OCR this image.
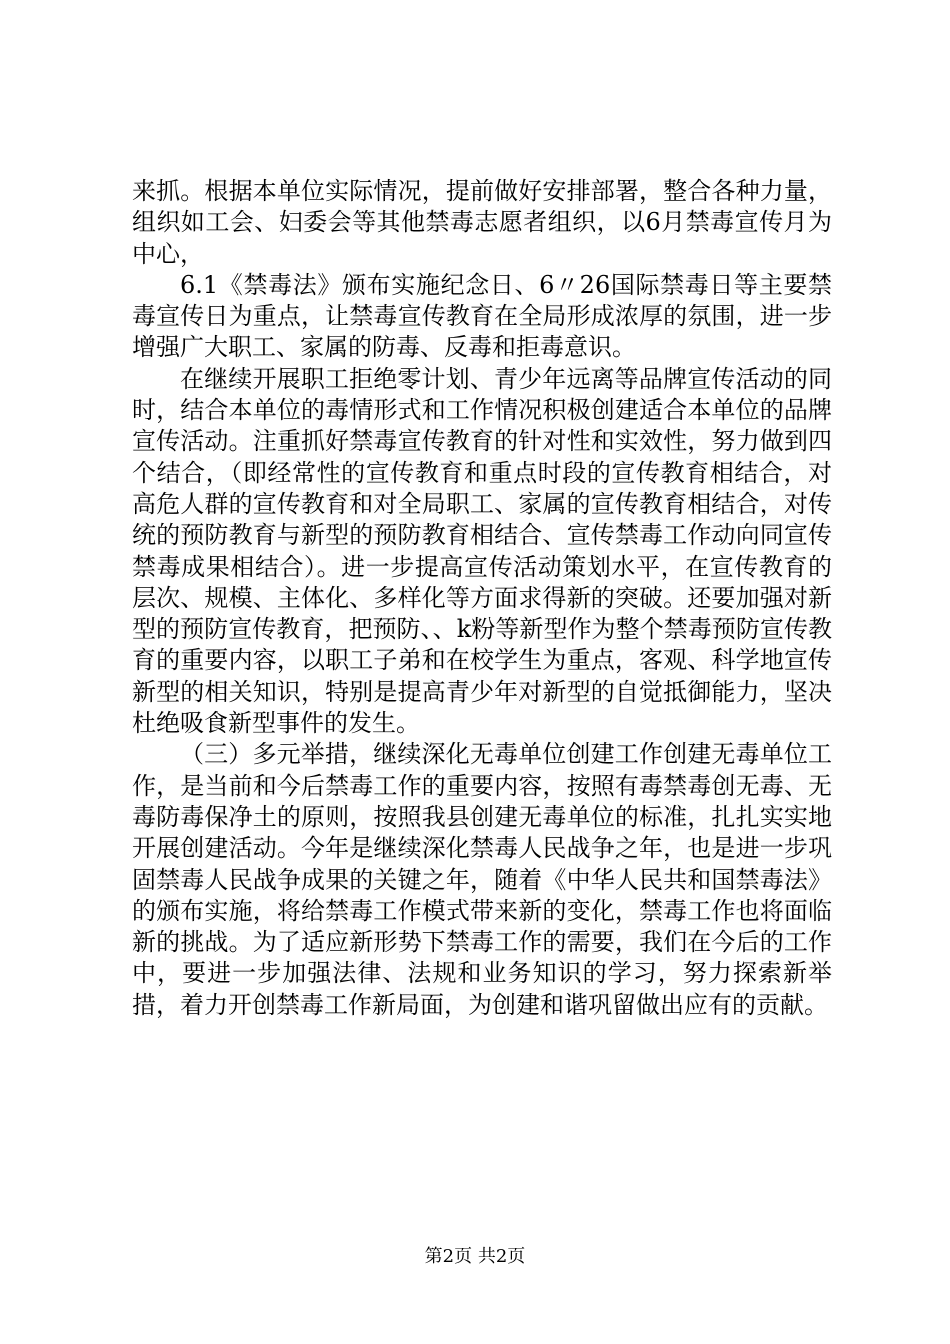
来抓。根据本单位实际情况，提前做好安排部署，整合各种力量，组织如工会、妇委会等其他禁毒志愿者组织，以6月禁毒宣传月为中心，

6.1《禁毒法》颁布实施纪念日、6〃26国际禁毒日等主要禁毒宣传日为重点，让禁毒宣传教育在全局形成浓厚的氛围，进一步增强广大职工、家属的防毒、反毒和拒毒意识。

在继续开展职工拒绝零计划、青少年远离等品牌宣传活动的同时，结合本单位的毒情形式和工作情况积极创建适合本单位的品牌宣传活动。注重抓好禁毒宣传教育的针对性和实效性，努力做到四个结合，（即经常性的宣传教育和重点时段的宣传教育相结合，对高危人群的宣传教育和对全局职工、家属的宣传教育相结合，对传统的预防教育与新型的预防教育相结合、宣传禁毒工作动向同宣传禁毒成果相结合）。进一步提高宣传活动策划水平，在宣传教育的层次、规模、主体化、多样化等方面求得新的突破。还要加强对新型的预防宣传教育，把预防、、k粉等新型作为整个禁毒预防宣传教育的重要内容，以职工子弟和在校学生为重点，客观、科学地宣传新型的相关知识，特别是提高青少年对新型的自觉抵御能力，坚决杜绝吸食新型事件的发生。

（三）多元举措，继续深化无毒单位创建工作创建无毒单位工作，是当前和今后禁毒工作的重要内容，按照有毒禁毒创无毒、无毒防毒保净土的原则，按照我县创建无毒单位的标准，扎扎实实地开展创建活动。今年是继续深化禁毒人民战争之年，也是进一步巩固禁毒人民战争成果的关键之年，随着《中华人民共和国禁毒法》的颁布实施，将给禁毒工作模式带来新的变化，禁毒工作也将面临新的挑战。为了适应新形势下禁毒工作的需要，我们在今后的工作中，要进一步加强法律、法规和业务知识的学习，努力探索新举措，着力开创禁毒工作新局面，为创建和谐巩留做出应有的贡献。

第2页 共2页
